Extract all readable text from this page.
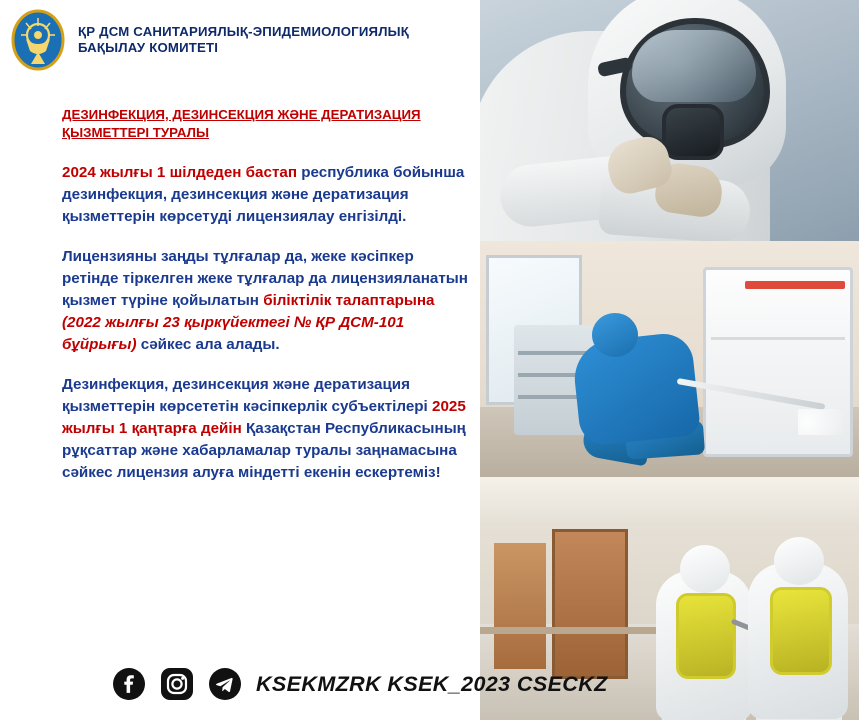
ҚР ДСМ САНИТАРИЯЛЫҚ-ЭПИДЕМИОЛОГИЯЛЫҚ БАҚЫЛАУ КОМИТЕТІ
ДЕЗИНФЕКЦИЯ, ДЕЗИНСЕКЦИЯ ЖӘНЕ ДЕРАТИЗАЦИЯ ҚЫЗМЕТТЕРІ ТУРАЛЫ

2024 жылғы 1 шілдеден бастап республика бойынша дезинфекция, дезинсекция және дератизация қызметтерін көрсетуді лицензиялау енгізілді.

Лицензияны заңды тұлғалар да, жеке кәсіпкер ретінде тіркелген жеке тұлғалар да лицензияланатын қызмет түріне қойылатын біліктілік талаптарына (2022 жылғы 23 қыркүйектегі № ҚР ДСМ-101 бұйрығы) сәйкес ала алады.

Дезинфекция, дезинсекция және дератизация қызметтерін көрсететін кәсіпкерлік субъектілері 2025 жылғы 1 қаңтарға дейін Қазақстан Республикасының рұқсаттар және хабарламалар туралы заңнамасына сәйкес лицензия алуға міндетті екенін ескертеміз!

KSEKMZRK KSEK_2023 CSECKZ
